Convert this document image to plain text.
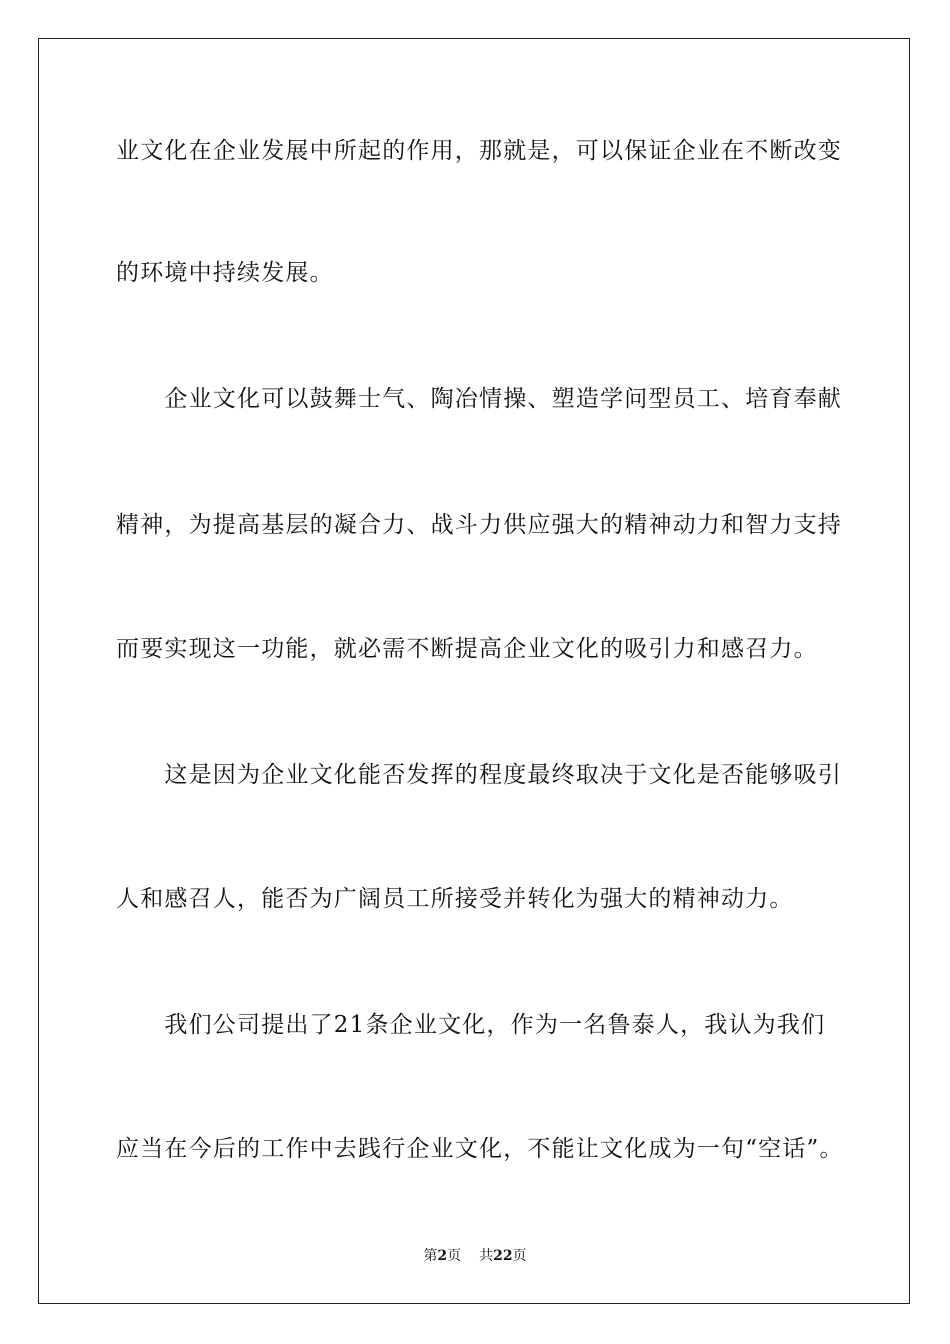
业文化在企业发展中所起的作用，那就是，可以保证企业在不断改变
的环境中持续发展。
　　企业文化可以鼓舞士气、陶冶情操、塑造学问型员工、培育奉献
精神，为提高基层的凝合力、战斗力供应强大的精神动力和智力支持
而要实现这一功能，就必需不断提高企业文化的吸引力和感召力。
　　这是因为企业文化能否发挥的程度最终取决于文化是否能够吸引
人和感召人，能否为广阔员工所接受并转化为强大的精神动力。
　　我们公司提出了21条企业文化，作为一名鲁泰人，我认为我们
应当在今后的工作中去践行企业文化，不能让文化成为一句“空话”。
第2页 共22页
